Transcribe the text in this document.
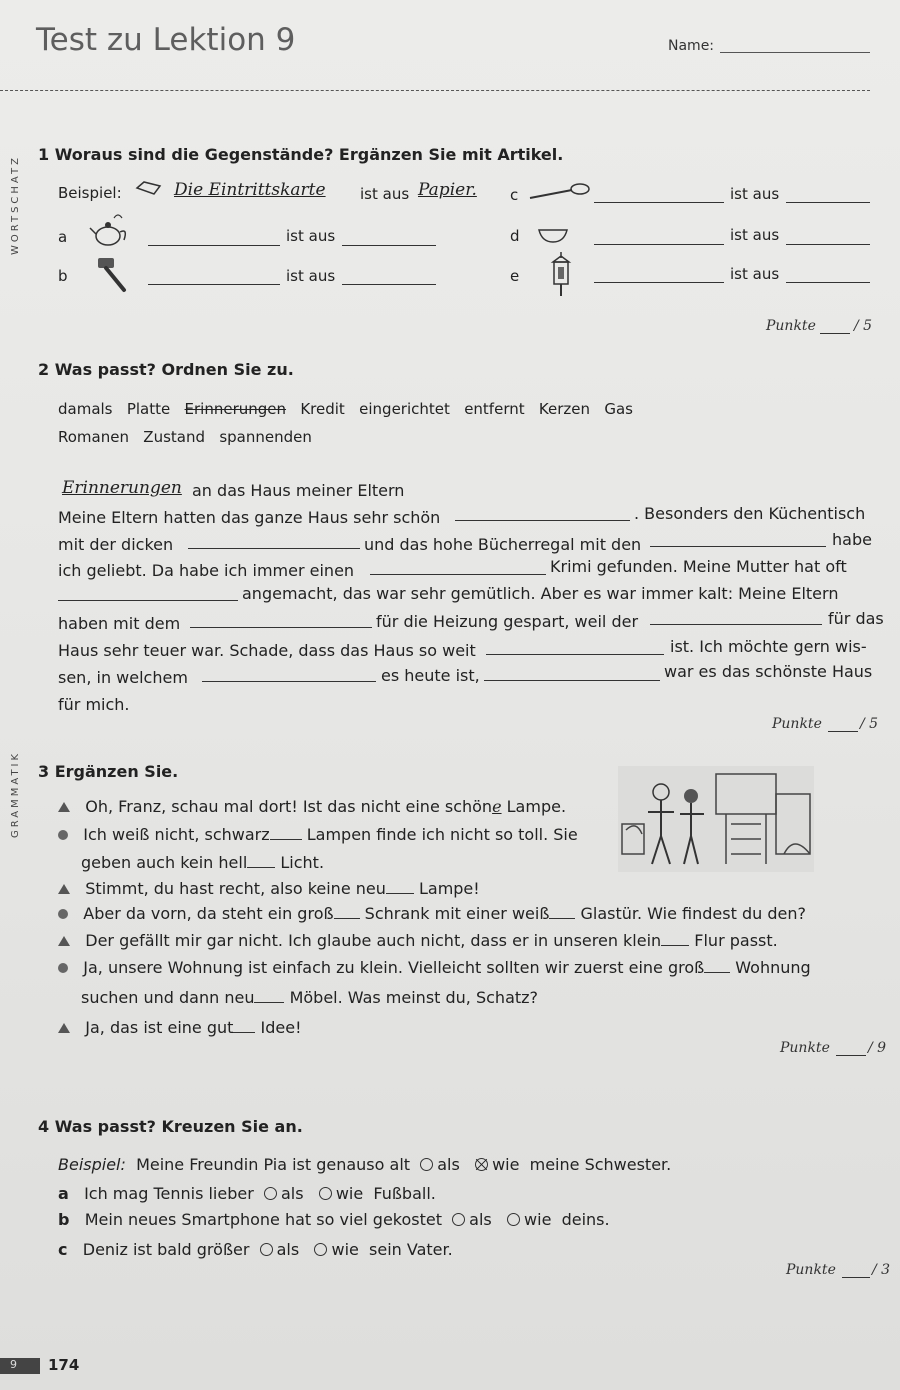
Test zu Lektion 9	Name:
WORTSCHATZ
GRAMMATIK
1 Woraus sind die Gegenstände? Ergänzen Sie mit Artikel.
Beispiel:	Die Eintrittskarte ist aus Papier. c	ist aus
a	ist aus	d	ist aus
b	ist aus	e	ist aus
Punkte	/ 5
2 Was passt? Ordnen Sie zu.
damals Platte Erinnerungen Kredit eingerichtet entfernt Kerzen Gas
Romanen Zustand spannenden
Erinnerungen an das Haus meiner Eltern
Meine Eltern hatten das ganze Haus sehr schön	. Besonders den Küchentisch
mit der dicken	und das hohe Bücherregal mit den	habe
ich geliebt. Da habe ich immer einen	Krimi gefunden. Meine Mutter hat oft
angemacht, das war sehr gemütlich. Aber es war immer kalt: Meine Eltern
haben mit dem	für die Heizung gespart, weil der	für das
Haus sehr teuer war. Schade, dass das Haus so weit	ist. Ich möchte gern wis-
sen, in welchem	es heute ist,	war es das schönste Haus
für mich.
Punkte	/ 5
3 Ergänzen Sie.
Oh, Franz, schau mal dort! Ist das nicht eine schöne Lampe.
Ich weiß nicht, schwarz Lampen finde ich nicht so toll. Sie
geben auch kein hell Licht.
Stimmt, du hast recht, also keine neu Lampe!
Aber da vorn, da steht ein groß Schrank mit einer weiß Glastür. Wie findest du den?
Der gefällt mir gar nicht. Ich glaube auch nicht, dass er in unseren klein Flur passt.
Ja, unsere Wohnung ist einfach zu klein. Vielleicht sollten wir zuerst eine groß Wohnung
suchen und dann neu Möbel. Was meinst du, Schatz?
Ja, das ist eine gut Idee!
Punkte	/ 9
4 Was passt? Kreuzen Sie an.
Beispiel: Meine Freundin Pia ist genauso alt als wie meine Schwester.
a Ich mag Tennis lieber als wie Fußball.
b Mein neues Smartphone hat so viel gekostet als wie deins.
c Deniz ist bald größer als wie sein Vater.
Punkte	/ 3
9	174
